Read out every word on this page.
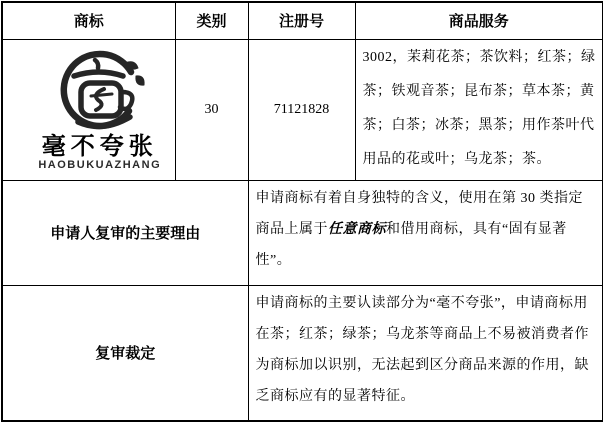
商标	类别	注册号	商品服务

毫不夸张
HAOBUKUAZHANG	30	71121828	3002，茉莉花茶；茶饮料；红茶；绿茶；铁观音茶；昆布茶；草本茶；黄茶；白茶；冰茶；黑茶；用作茶叶代用品的花或叶；乌龙茶；茶。
申请人复审的主要理由		申请商标有着自身独特的含义，使用在第 30 类指定商品上属于任意商标和借用商标，具有“固有显著性”。	
复审裁定		申请商标的主要认读部分为“毫不夸张”，申请商标用在茶；红茶；绿茶；乌龙茶等商品上不易被消费者作为商标加以识别，无法起到区分商品来源的作用，缺乏商标应有的显著特征。	
